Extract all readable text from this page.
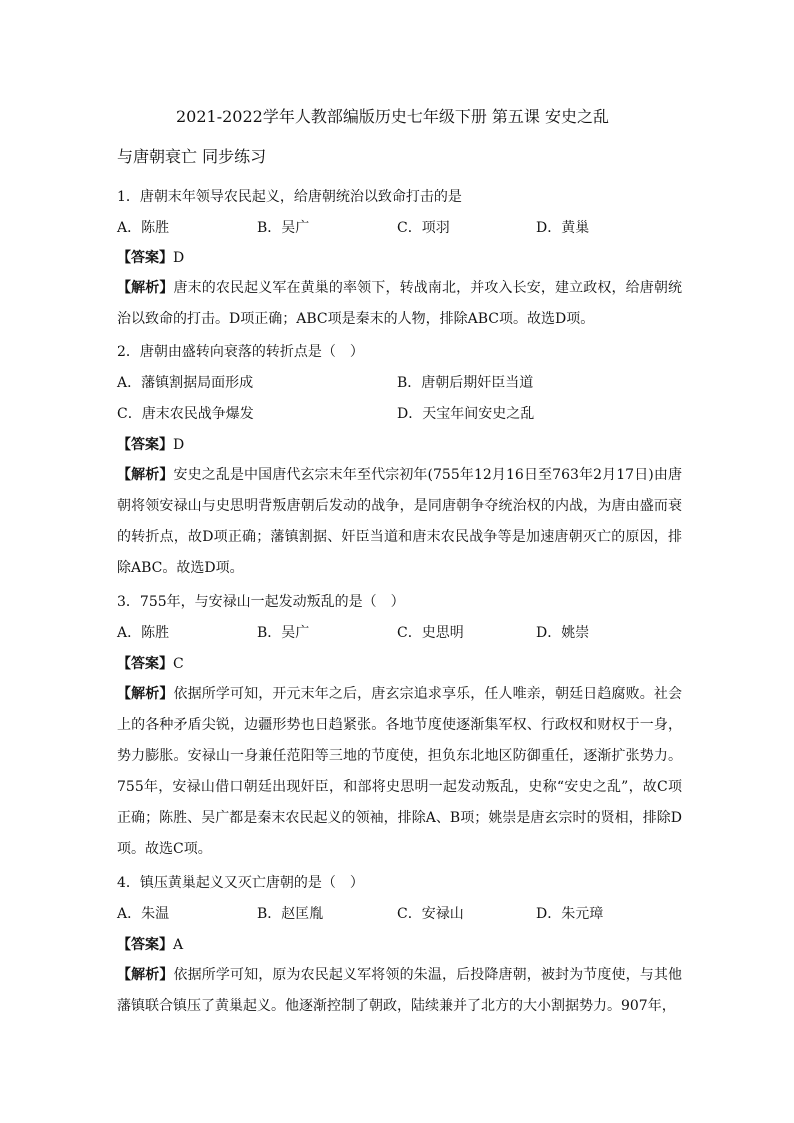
2021-2022学年人教部编版历史七年级下册 第五课 安史之乱
与唐朝衰亡 同步练习
1．唐朝末年领导农民起义，给唐朝统治以致命打击的是
A．陈胜	B．吴广	C．项羽	D．黄巢
【答案】D
【解析】唐末的农民起义军在黄巢的率领下，转战南北，并攻入长安，建立政权，给唐朝统治以致命的打击。D项正确；ABC项是秦末的人物，排除ABC项。故选D项。
2．唐朝由盛转向衰落的转折点是（　）
A．藩镇割据局面形成	B．唐朝后期奸臣当道
C．唐末农民战争爆发	D．天宝年间安史之乱
【答案】D
【解析】安史之乱是中国唐代玄宗末年至代宗初年(755年12月16日至763年2月17日)由唐朝将领安禄山与史思明背叛唐朝后发动的战争，是同唐朝争夺统治权的内战，为唐由盛而衰的转折点，故D项正确；藩镇割据、奸臣当道和唐末农民战争等是加速唐朝灭亡的原因，排除ABC。故选D项。
3．755年，与安禄山一起发动叛乱的是（　）
A．陈胜	B．吴广	C．史思明	D．姚崇
【答案】C
【解析】依据所学可知，开元末年之后，唐玄宗追求享乐，任人唯亲，朝廷日趋腐败。社会上的各种矛盾尖锐，边疆形势也日趋紧张。各地节度使逐渐集军权、行政权和财权于一身，势力膨胀。安禄山一身兼任范阳等三地的节度使，担负东北地区防御重任，逐渐扩张势力。755年，安禄山借口朝廷出现奸臣，和部将史思明一起发动叛乱，史称“安史之乱”，故C项正确；陈胜、吴广都是秦末农民起义的领袖，排除A、B项；姚崇是唐玄宗时的贤相，排除D项。故选C项。
4．镇压黄巢起义又灭亡唐朝的是（　）
A．朱温	B．赵匡胤	C．安禄山	D．朱元璋
【答案】A
【解析】依据所学可知，原为农民起义军将领的朱温，后投降唐朝，被封为节度使，与其他藩镇联合镇压了黄巢起义。他逐渐控制了朝政，陆续兼并了北方的大小割据势力。907年，
